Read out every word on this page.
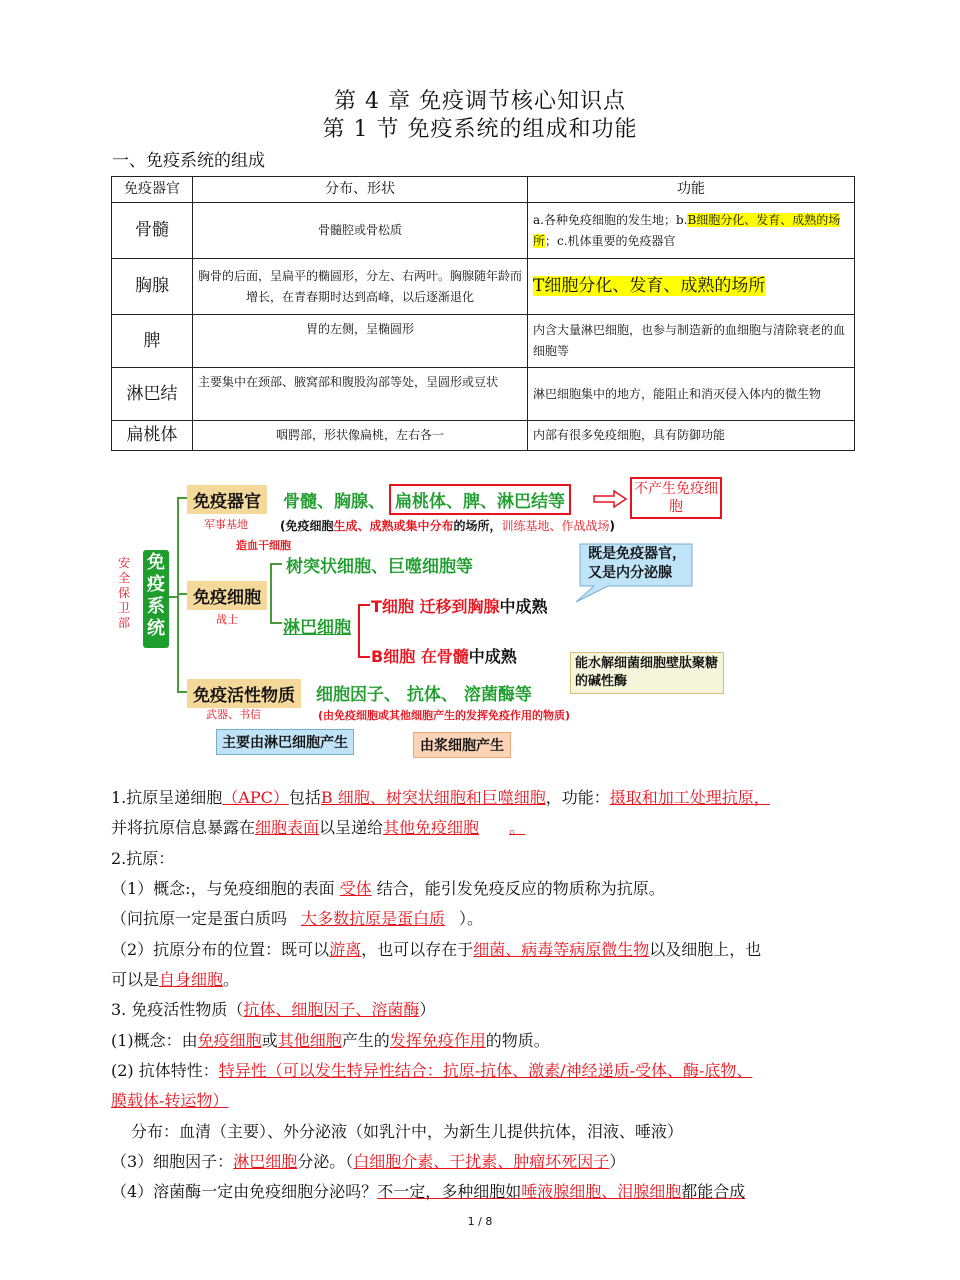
第 4 章 免疫调节核心知识点
第 1 节 免疫系统的组成和功能
一、免疫系统的组成
免疫器官	分布、形状	功能
骨髓	骨髓腔或骨松质	a.各种免疫细胞的发生地；b.B细胞分化、发育、成熟的场所；c.机体重要的免疫器官
胸腺	胸骨的后面，呈扁平的椭圆形，分左、右两叶。胸腺随年龄而增长，在青春期时达到高峰，以后逐渐退化	T细胞分化、发育、成熟的场所
脾	胃的左侧，呈椭圆形	内含大量淋巴细胞，也参与制造新的血细胞与清除衰老的血细胞等
淋巴结	主要集中在颈部、腋窝部和腹股沟部等处，呈圆形或豆状	淋巴细胞集中的地方，能阻止和消灭侵入体内的微生物
扁桃体	咽腭部，形状像扁桃，左右各一	内部有很多免疫细胞，具有防御功能
安全保卫部
免疫系统
免疫器官
军事基地
骨髓、胸腺、 扁桃体、脾、淋巴结等
不产生免疫细胞
(免疫细胞生成、成熟或集中分布的场所，训练基地、作战战场)
造血干细胞
免疫细胞
战士
树突状细胞、巨噬细胞等
淋巴细胞
T细胞 迁移到胸腺中成熟
B细胞 在骨髓中成熟
既是免疫器官，又是内分泌腺
免疫活性物质
武器、书信
细胞因子、 抗体、 溶菌酶等
能水解细菌细胞壁肽聚糖的碱性酶
(由免疫细胞或其他细胞产生的发挥免疫作用的物质)
主要由淋巴细胞产生	由浆细胞产生
1.抗原呈递细胞（APC）包括B 细胞、树突状细胞和巨噬细胞，功能：摄取和加工处理抗原，
并将抗原信息暴露在细胞表面以呈递给其他免疫细胞 。
2.抗原：
（1）概念:，与免疫细胞的表面 受体 结合，能引发免疫反应的物质称为抗原。
（问抗原一定是蛋白质吗 大多数抗原是蛋白质 ）。
（2）抗原分布的位置：既可以游离，也可以存在于细菌、病毒等病原微生物以及细胞上，也
可以是自身细胞。
3. 免疫活性物质（抗体、细胞因子、溶菌酶）
(1)概念：由免疫细胞或其他细胞产生的发挥免疫作用的物质。
(2) 抗体特性：特异性（可以发生特异性结合：抗原-抗体、激素/神经递质-受体、酶-底物、
膜载体-转运物）
分布：血清（主要）、外分泌液（如乳汁中，为新生儿提供抗体，泪液、唾液）
（3）细胞因子：淋巴细胞分泌。（白细胞介素、干扰素、肿瘤坏死因子）
（4）溶菌酶一定由免疫细胞分泌吗？不一定，多种细胞如唾液腺细胞、泪腺细胞都能合成
1 / 8
